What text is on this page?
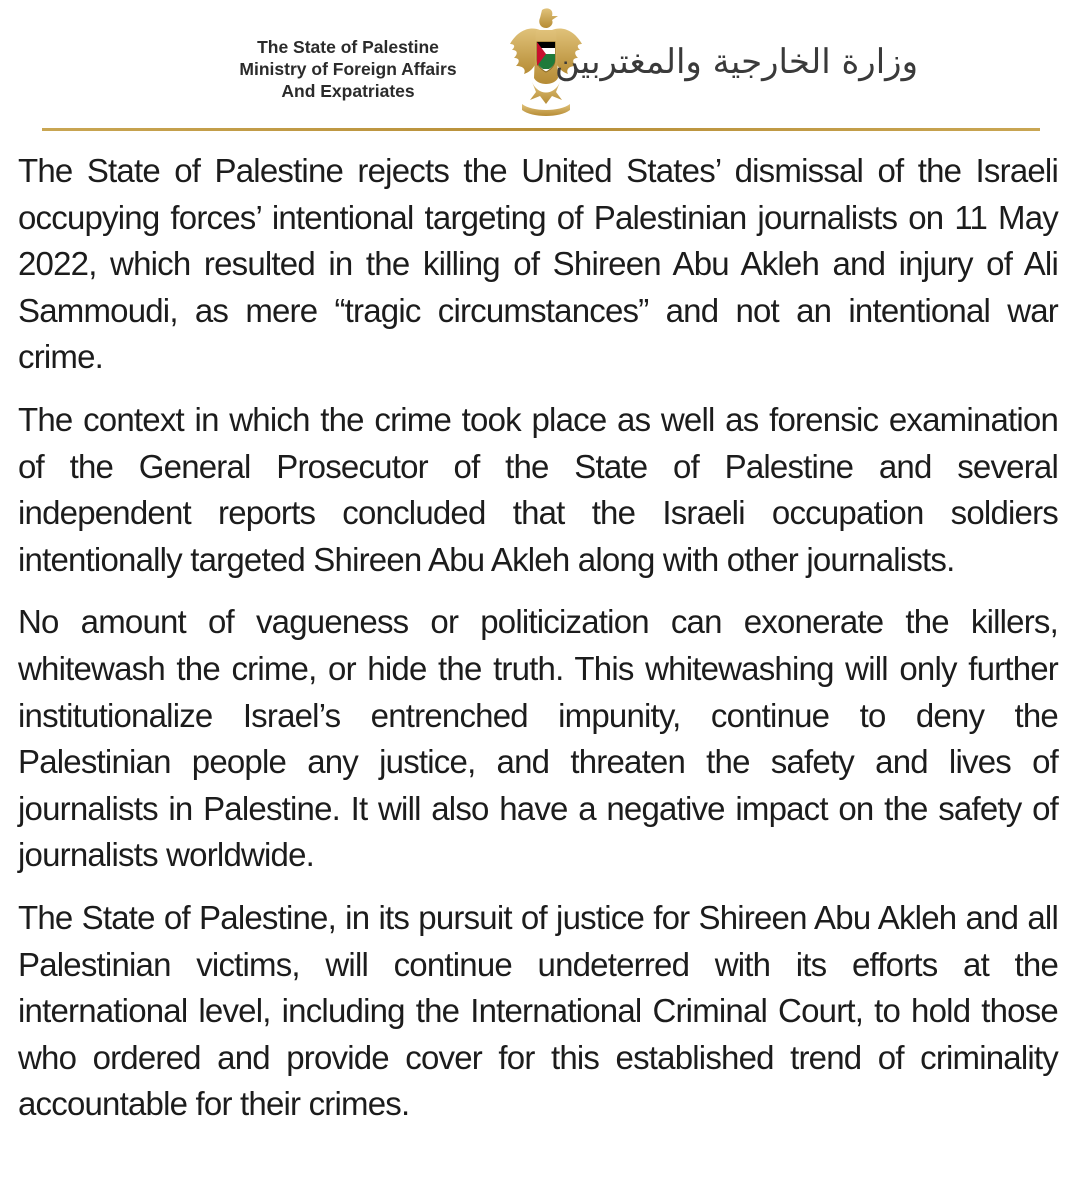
The State of Palestine
Ministry of Foreign Affairs
And Expatriates
وزارة الخارجية والمغتربين

The State of Palestine rejects the United States’ dismissal of the Israeli occupying forces’ intentional targeting of Palestinian journalists on 11 May 2022, which resulted in the killing of Shireen Abu Akleh and injury of Ali Sammoudi, as mere “tragic circumstances” and not an intentional war crime.

The context in which the crime took place as well as forensic examination of the General Prosecutor of the State of Palestine and several independent reports concluded that the Israeli occupation soldiers intentionally targeted Shireen Abu Akleh along with other journalists.

No amount of vagueness or politicization can exonerate the killers, whitewash the crime, or hide the truth. This whitewashing will only further institutionalize Israel’s entrenched impunity, continue to deny the Palestinian people any justice, and threaten the safety and lives of journalists in Palestine. It will also have a negative impact on the safety of journalists worldwide.

The State of Palestine, in its pursuit of justice for Shireen Abu Akleh and all Palestinian victims, will continue undeterred with its efforts at the international level, including the International Criminal Court, to hold those who ordered and provide cover for this established trend of criminality accountable for their crimes.
